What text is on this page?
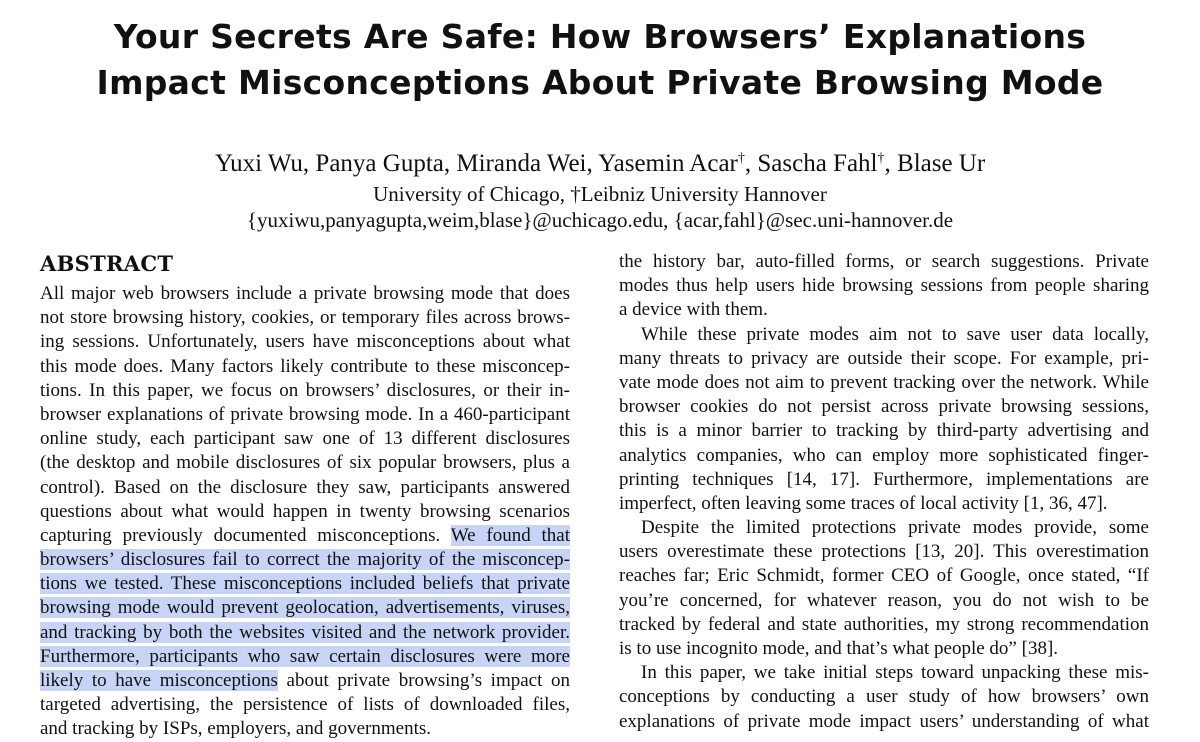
Your Secrets Are Safe: How Browsers’ Explanations
Impact Misconceptions About Private Browsing Mode
Yuxi Wu, Panya Gupta, Miranda Wei, Yasemin Acar†, Sascha Fahl†, Blase Ur
University of Chicago, †Leibniz University Hannover
{yuxiwu,panyagupta,weim,blase}@uchicago.edu, {acar,fahl}@sec.uni-hannover.de
ABSTRACT
All major web browsers include a private browsing mode that does
not store browsing history, cookies, or temporary files across brows-
ing sessions. Unfortunately, users have misconceptions about what
this mode does. Many factors likely contribute to these misconcep-
tions. In this paper, we focus on browsers’ disclosures, or their in-
browser explanations of private browsing mode. In a 460-participant
online study, each participant saw one of 13 different disclosures
(the desktop and mobile disclosures of six popular browsers, plus a
control). Based on the disclosure they saw, participants answered
questions about what would happen in twenty browsing scenarios
capturing previously documented misconceptions. We found that
browsers’ disclosures fail to correct the majority of the misconcep-
tions we tested. These misconceptions included beliefs that private
browsing mode would prevent geolocation, advertisements, viruses,
and tracking by both the websites visited and the network provider.
Furthermore, participants who saw certain disclosures were more
likely to have misconceptions about private browsing’s impact on
targeted advertising, the persistence of lists of downloaded files,
and tracking by ISPs, employers, and governments.
the history bar, auto-filled forms, or search suggestions. Private
modes thus help users hide browsing sessions from people sharing
a device with them.
While these private modes aim not to save user data locally,
many threats to privacy are outside their scope. For example, pri-
vate mode does not aim to prevent tracking over the network. While
browser cookies do not persist across private browsing sessions,
this is a minor barrier to tracking by third-party advertising and
analytics companies, who can employ more sophisticated finger-
printing techniques [14, 17]. Furthermore, implementations are
imperfect, often leaving some traces of local activity [1, 36, 47].
Despite the limited protections private modes provide, some
users overestimate these protections [13, 20]. This overestimation
reaches far; Eric Schmidt, former CEO of Google, once stated, “If
you’re concerned, for whatever reason, you do not wish to be
tracked by federal and state authorities, my strong recommendation
is to use incognito mode, and that’s what people do” [38].
In this paper, we take initial steps toward unpacking these mis-
conceptions by conducting a user study of how browsers’ own
explanations of private mode impact users’ understanding of what
